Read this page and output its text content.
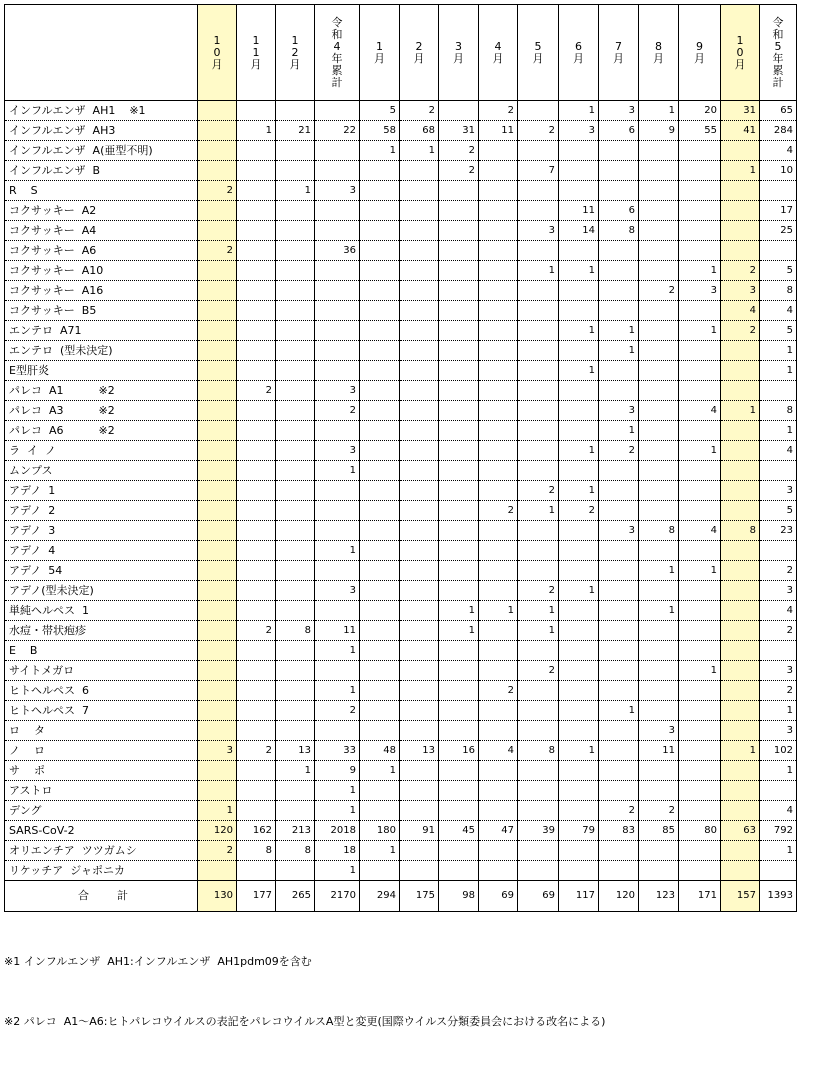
	10 月	11 月	12 月	令 和 4 年 累 計	1 月	2 月	3 月	4 月	5 月	6 月	7 月	8 月	9 月	10 月	令 和 5 年 累 計
インフルエンザ  AH1    ※1					5	2		2		1	3	1	20	31	65
インフルエンザ  AH3		1	21	22	58	68	31	11	2	3	6	9	55	41	284
インフルエンザ  A(亜型不明)					1	1	2								4
インフルエンザ  B							2		7					1	10
R    S	2		1	3											
コクサッキー  A2										11	6				17
コクサッキー  A4									3	14	8				25
コクサッキー  A6	2			36											
コクサッキー  A10									1	1			1	2	5
コクサッキー  A16												2	3	3	8
コクサッキー  B5														4	4
エンテロ  A71										1	1		1	2	5
エンテロ  (型未決定)											1				1
E型肝炎										1					1
パレコ  A1          ※2		2		3											
パレコ  A3          ※2				2							3		4	1	8
パレコ  A6          ※2											1				1
ラ  イ  ノ				3						1	2		1		4
ムンプス				1											
アデノ  1									2	1					3
アデノ  2								2	1	2					5
アデノ  3											3	8	4	8	23
アデノ  4				1											
アデノ  54												1	1		2
アデノ(型未決定)				3					2	1					3
単純ヘルペス  1							1	1	1			1			4
水痘・帯状疱疹		2	8	11			1		1						2
E    B				1											
サイトメガロ									2				1		3
ヒトヘルペス  6				1				2							2
ヒトヘルペス  7				2							1				1
ロ    タ												3			3
ノ    ロ	3	2	13	33	48	13	16	4	8	1		11		1	102
サ    ポ			1	9	1										1
アストロ				1											
デング	1			1							2	2			4
SARS-CoV-2	120	162	213	2018	180	91	45	47	39	79	83	85	80	63	792
オリエンチア  ツツガムシ	2	8	8	18	1										1
リケッチア  ジャポニカ				1											
合        計	130	177	265	2170	294	175	98	69	69	117	120	123	171	157	1393

※1 インフルエンザ  AH1:インフルエンザ  AH1pdm09を含む

※2 パレコ  A1～A6:ヒトパレコウイルスの表記をパレコウイルスA型と変更(国際ウイルス分類委員会における改名による)
